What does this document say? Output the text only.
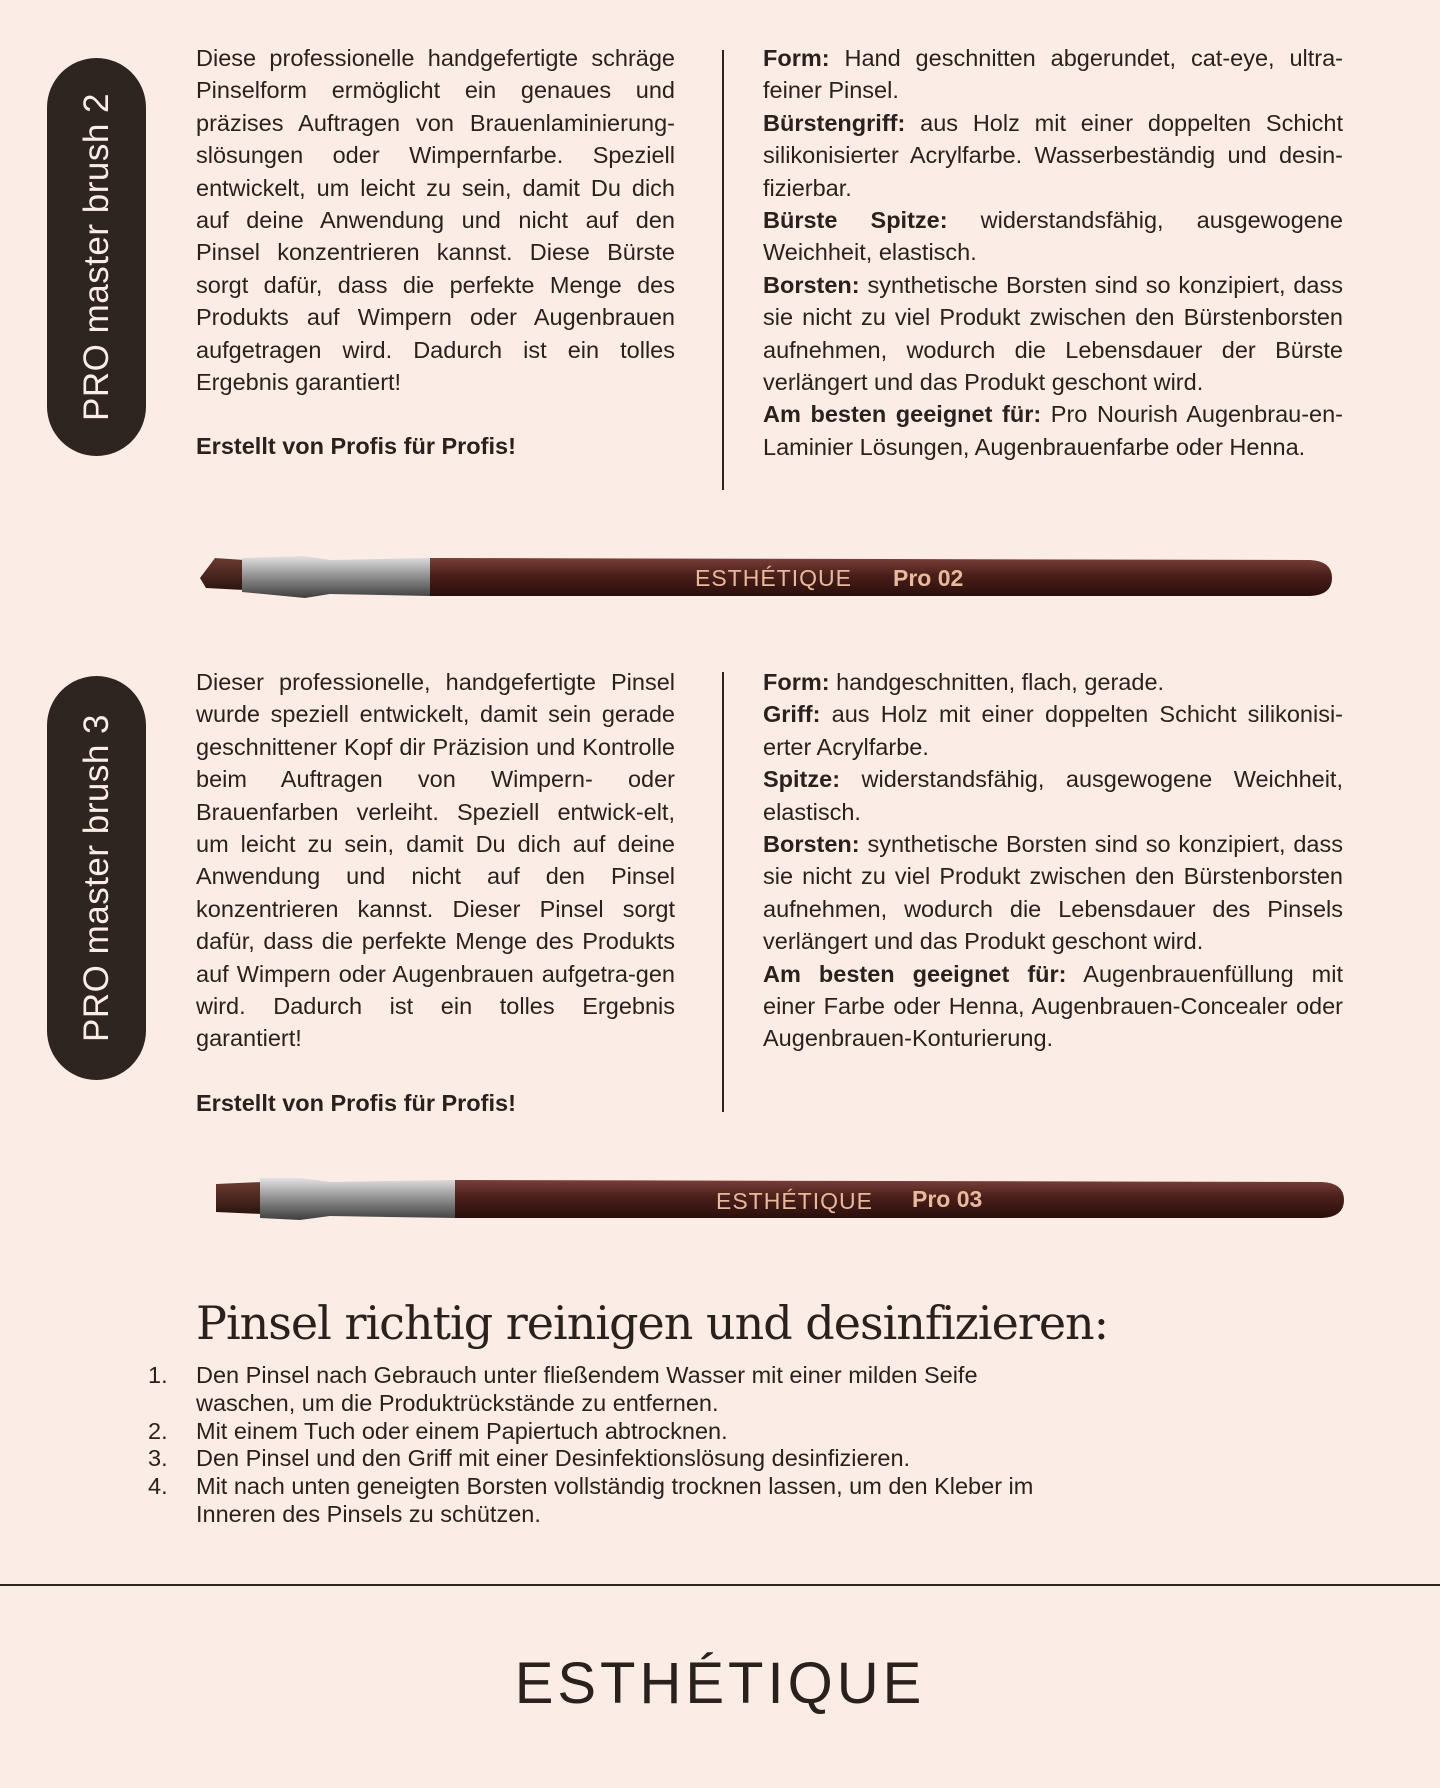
PRO master brush 2

Diese professionelle handgefertigte schräge Pinselform ermöglicht ein genaues und präzises Auftragen von Brauenlaminierung-slösungen oder Wimpernfarbe. Speziell entwickelt, um leicht zu sein, damit Du dich auf deine Anwendung und nicht auf den Pinsel konzentrieren kannst. Diese Bürste sorgt dafür, dass die perfekte Menge des Produkts auf Wimpern oder Augenbrauen aufgetragen wird. Dadurch ist ein tolles Ergebnis garantiert!

Erstellt von Profis für Profis!

Form: Hand geschnitten abgerundet, cat-eye, ultra-feiner Pinsel.

Bürstengriff: aus Holz mit einer doppelten Schicht silikonisierter Acrylfarbe. Wasserbeständig und desin-fizierbar.

Bürste Spitze: widerstandsfähig, ausgewogene Weichheit, elastisch.

Borsten: synthetische Borsten sind so konzipiert, dass sie nicht zu viel Produkt zwischen den Bürstenborsten aufnehmen, wodurch die Lebensdauer der Bürste verlängert und das Produkt geschont wird.

Am besten geeignet für: Pro Nourish Augenbrau-en-Laminier Lösungen, Augenbrauenfarbe oder Henna.

ESTHÉTIQUE Pro 02
PRO master brush 3

Dieser professionelle, handgefertigte Pinsel wurde speziell entwickelt, damit sein gerade geschnittener Kopf dir Präzision und Kontrolle beim Auftragen von Wimpern- oder Brauenfarben verleiht. Speziell entwick-elt, um leicht zu sein, damit Du dich auf deine Anwendung und nicht auf den Pinsel konzentrieren kannst. Dieser Pinsel sorgt dafür, dass die perfekte Menge des Produkts auf Wimpern oder Augenbrauen aufgetra-gen wird. Dadurch ist ein tolles Ergebnis garantiert!

Erstellt von Profis für Profis!

Form: handgeschnitten, flach, gerade.

Griff: aus Holz mit einer doppelten Schicht silikonisi-erter Acrylfarbe.

Spitze: widerstandsfähig, ausgewogene Weichheit, elastisch.

Borsten: synthetische Borsten sind so konzipiert, dass sie nicht zu viel Produkt zwischen den Bürstenborsten aufnehmen, wodurch die Lebensdauer des Pinsels verlängert und das Produkt geschont wird.

Am besten geeignet für: Augenbrauenfüllung mit einer Farbe oder Henna, Augenbrauen-Concealer oder Augenbrauen-Konturierung.

ESTHÉTIQUE Pro 03
Pinsel richtig reinigen und desinfizieren:
1.	Den Pinsel nach Gebrauch unter fließendem Wasser mit einer milden Seife waschen, um die Produktrückstände zu entfernen.
2.	Mit einem Tuch oder einem Papiertuch abtrocknen.
3.	Den Pinsel und den Griff mit einer Desinfektionslösung desinfizieren.
4.	Mit nach unten geneigten Borsten vollständig trocknen lassen, um den Kleber im Inneren des Pinsels zu schützen.
ESTHÉTIQUE
